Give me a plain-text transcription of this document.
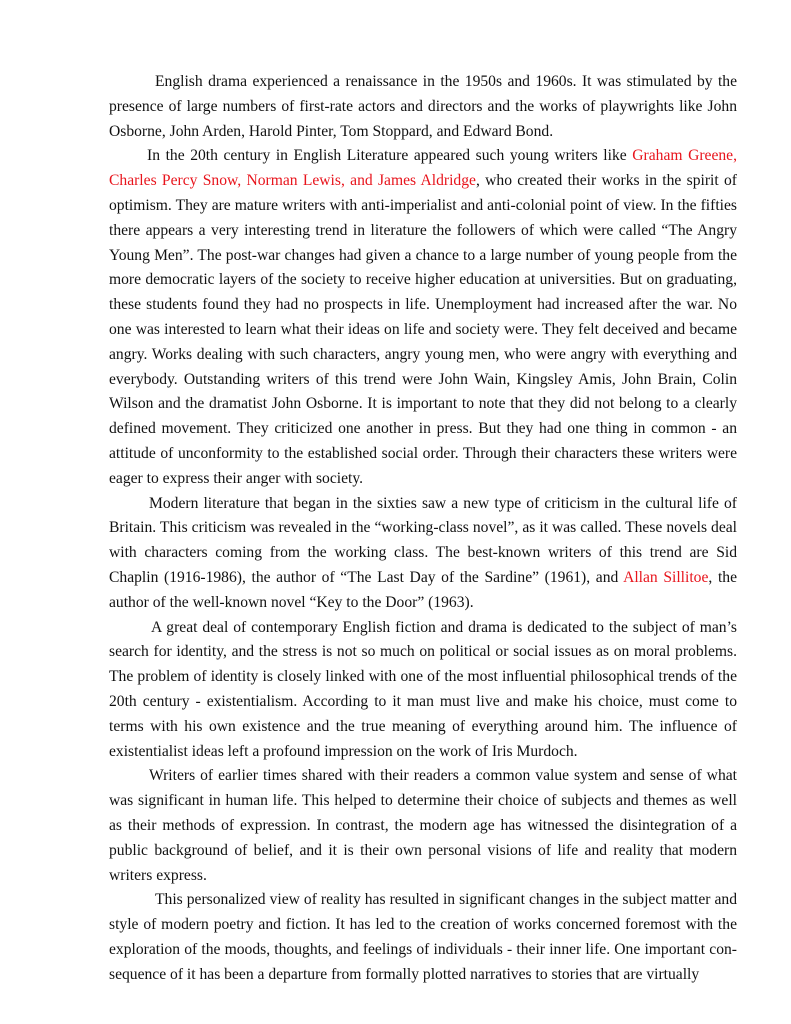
English drama experienced a renaissance in the 1950s and 1960s. It was stimulated by the presence of large numbers of first-rate actors and directors and the works of playwrights like John Osborne, John Arden, Harold Pinter, Tom Stoppard, and Edward Bond.

In the 20th century in English Literature appeared such young writers like Graham Greene, Charles Percy Snow, Norman Lewis, and James Aldridge, who created their works in the spirit of optimism. They are mature writers with anti-imperialist and anti-colonial point of view. In the fifties there appears a very interesting trend in literature the followers of which were called “The Angry Young Men”. The post-war changes had given a chance to a large number of young people from the more democratic layers of the society to receive higher education at universities. But on graduating, these students found they had no prospects in life. Unemployment had increased after the war. No one was interested to learn what their ideas on life and society were. They felt deceived and became angry. Works dealing with such characters, angry young men, who were angry with everything and everybody. Outstanding writers of this trend were John Wain, Kingsley Amis, John Brain, Colin Wilson and the dramatist John Osborne. It is important to note that they did not belong to a clearly defined movement. They criticized one another in press. But they had one thing in common - an attitude of unconformity to the established social order. Through their characters these writers were eager to express their anger with society.

Modern literature that began in the sixties saw a new type of criticism in the cultural life of Britain. This criticism was revealed in the “working-class novel”, as it was called. These novels deal with characters coming from the working class. The best-known writers of this trend are Sid Chaplin (1916-1986), the author of “The Last Day of the Sardine” (1961), and Allan Sillitoe, the author of the well-known novel “Key to the Door” (1963).

A great deal of contemporary English fiction and drama is dedicated to the subject of man’s search for identity, and the stress is not so much on political or social issues as on moral problems. The problem of identity is closely linked with one of the most influential philosophical trends of the 20th century - existentialism. According to it man must live and make his choice, must come to terms with his own existence and the true meaning of everything around him. The influence of existentialist ideas left a profound impression on the work of Iris Murdoch.

Writers of earlier times shared with their readers a common value system and sense of what was significant in human life. This helped to determine their choice of subjects and themes as well as their methods of expression. In contrast, the modern age has witnessed the disintegration of a public background of belief, and it is their own personal visions of life and reality that modern writers express.

This personalized view of reality has resulted in significant changes in the subject matter and style of modern poetry and fiction. It has led to the creation of works concerned foremost with the exploration of the moods, thoughts, and feelings of individuals - their inner life. One important con-sequence of it has been a departure from formally plotted narratives to stories that are virtually
